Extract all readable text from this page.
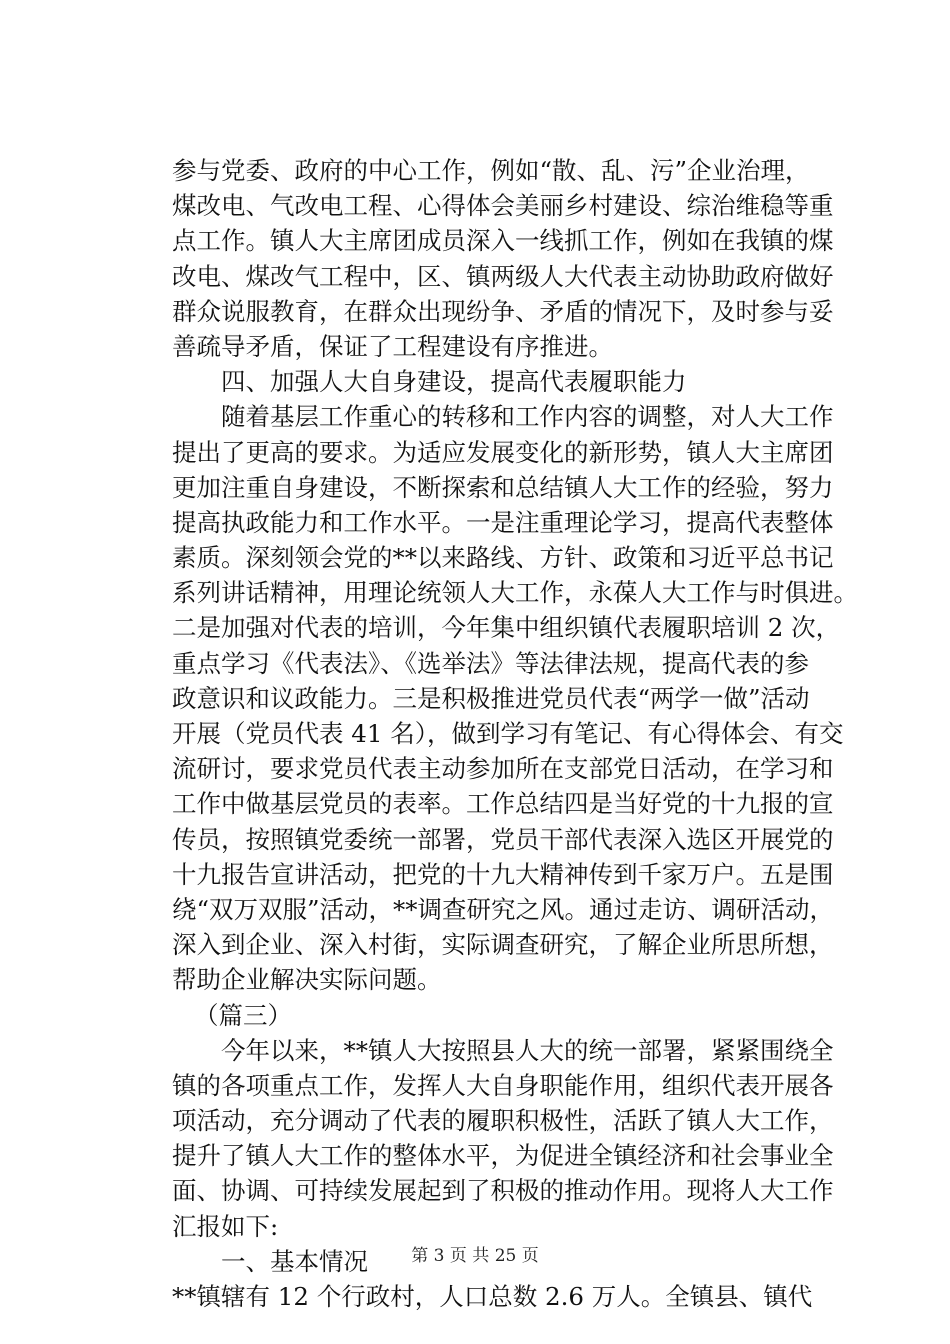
参与党委、政府的中心工作，例如“散、乱、污”企业治理，
煤改电、气改电工程、心得体会美丽乡村建设、综治维稳等重
点工作。镇人大主席团成员深入一线抓工作，例如在我镇的煤
改电、煤改气工程中，区、镇两级人大代表主动协助政府做好
群众说服教育，在群众出现纷争、矛盾的情况下，及时参与妥
善疏导矛盾，保证了工程建设有序推进。
四、加强人大自身建设，提高代表履职能力
随着基层工作重心的转移和工作内容的调整，对人大工作
提出了更高的要求。为适应发展变化的新形势，镇人大主席团
更加注重自身建设，不断探索和总结镇人大工作的经验，努力
提高执政能力和工作水平。一是注重理论学习，提高代表整体
素质。深刻领会党的**以来路线、方针、政策和习近平总书记
系列讲话精神，用理论统领人大工作，永葆人大工作与时俱进。
二是加强对代表的培训，今年集中组织镇代表履职培训 2 次，
重点学习《代表法》、《选举法》等法律法规，提高代表的参
政意识和议政能力。三是积极推进党员代表“两学一做”活动
开展（党员代表 41 名），做到学习有笔记、有心得体会、有交
流研讨，要求党员代表主动参加所在支部党日活动，在学习和
工作中做基层党员的表率。工作总结四是当好党的十九报的宣
传员，按照镇党委统一部署，党员干部代表深入选区开展党的
十九报告宣讲活动，把党的十九大精神传到千家万户。五是围
绕“双万双服”活动，**调查研究之风。通过走访、调研活动，
深入到企业、深入村街，实际调查研究，了解企业所思所想，
帮助企业解决实际问题。
（篇三）
今年以来，**镇人大按照县人大的统一部署，紧紧围绕全
镇的各项重点工作，发挥人大自身职能作用，组织代表开展各
项活动，充分调动了代表的履职积极性，活跃了镇人大工作，
提升了镇人大工作的整体水平，为促进全镇经济和社会事业全
面、协调、可持续发展起到了积极的推动作用。现将人大工作
汇报如下:
一、基本情况
**镇辖有 12 个行政村，人口总数 2.6 万人。全镇县、镇代
第 3 页 共 25 页
